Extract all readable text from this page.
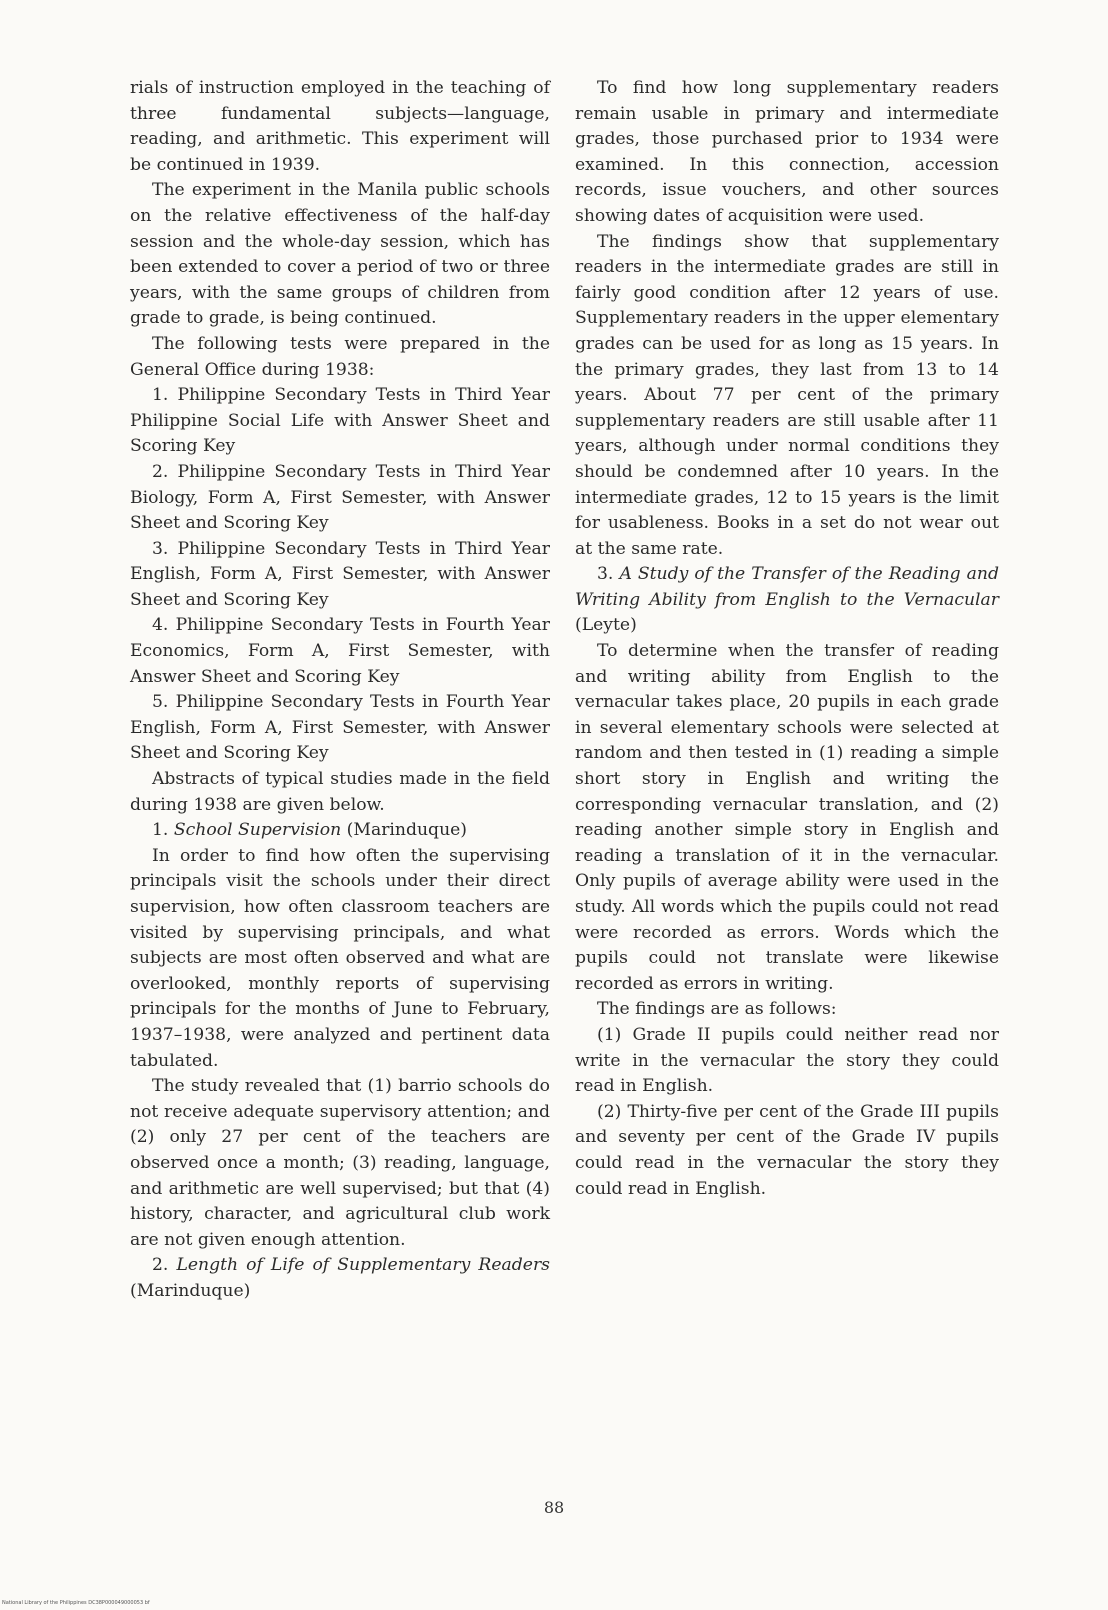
rials of instruction employed in the teaching of three fundamental subjects—language, reading, and arithmetic. This experiment will be continued in 1939.

The experiment in the Manila public schools on the relative effectiveness of the half-day session and the whole-day session, which has been extended to cover a period of two or three years, with the same groups of children from grade to grade, is being continued.

The following tests were prepared in the General Office during 1938:

1. Philippine Secondary Tests in Third Year Philippine Social Life with Answer Sheet and Scoring Key

2. Philippine Secondary Tests in Third Year Biology, Form A, First Semester, with Answer Sheet and Scoring Key

3. Philippine Secondary Tests in Third Year English, Form A, First Semester, with Answer Sheet and Scoring Key

4. Philippine Secondary Tests in Fourth Year Economics, Form A, First Semester, with Answer Sheet and Scoring Key

5. Philippine Secondary Tests in Fourth Year English, Form A, First Semester, with Answer Sheet and Scoring Key

Abstracts of typical studies made in the field during 1938 are given below.

1. School Supervision (Marinduque)

In order to find how often the supervising principals visit the schools under their direct supervision, how often classroom teachers are visited by supervising principals, and what subjects are most often observed and what are overlooked, monthly reports of supervising principals for the months of June to February, 1937–1938, were analyzed and pertinent data tabulated.

The study revealed that (1) barrio schools do not receive adequate supervisory attention; and (2) only 27 per cent of the teachers are observed once a month; (3) reading, language, and arithmetic are well supervised; but that (4) history, character, and agricultural club work are not given enough attention.

2. Length of Life of Supplementary Readers (Marinduque)

To find how long supplementary readers remain usable in primary and intermediate grades, those purchased prior to 1934 were examined. In this connection, accession records, issue vouchers, and other sources showing dates of acquisition were used.

The findings show that supplementary readers in the intermediate grades are still in fairly good condition after 12 years of use. Supplementary readers in the upper elementary grades can be used for as long as 15 years. In the primary grades, they last from 13 to 14 years. About 77 per cent of the primary supplementary readers are still usable after 11 years, although under normal conditions they should be condemned after 10 years. In the intermediate grades, 12 to 15 years is the limit for usableness. Books in a set do not wear out at the same rate.

3. A Study of the Transfer of the Reading and Writing Ability from English to the Vernacular (Leyte)

To determine when the transfer of reading and writing ability from English to the vernacular takes place, 20 pupils in each grade in several elementary schools were selected at random and then tested in (1) reading a simple short story in English and writing the corresponding vernacular translation, and (2) reading another simple story in English and reading a translation of it in the vernacular. Only pupils of average ability were used in the study. All words which the pupils could not read were recorded as errors. Words which the pupils could not translate were likewise recorded as errors in writing.

The findings are as follows:

(1) Grade II pupils could neither read nor write in the vernacular the story they could read in English.

(2) Thirty-five per cent of the Grade III pupils and seventy per cent of the Grade IV pupils could read in the vernacular the story they could read in English.

88
National Library of the Philippines DC38P000049000053 bf
